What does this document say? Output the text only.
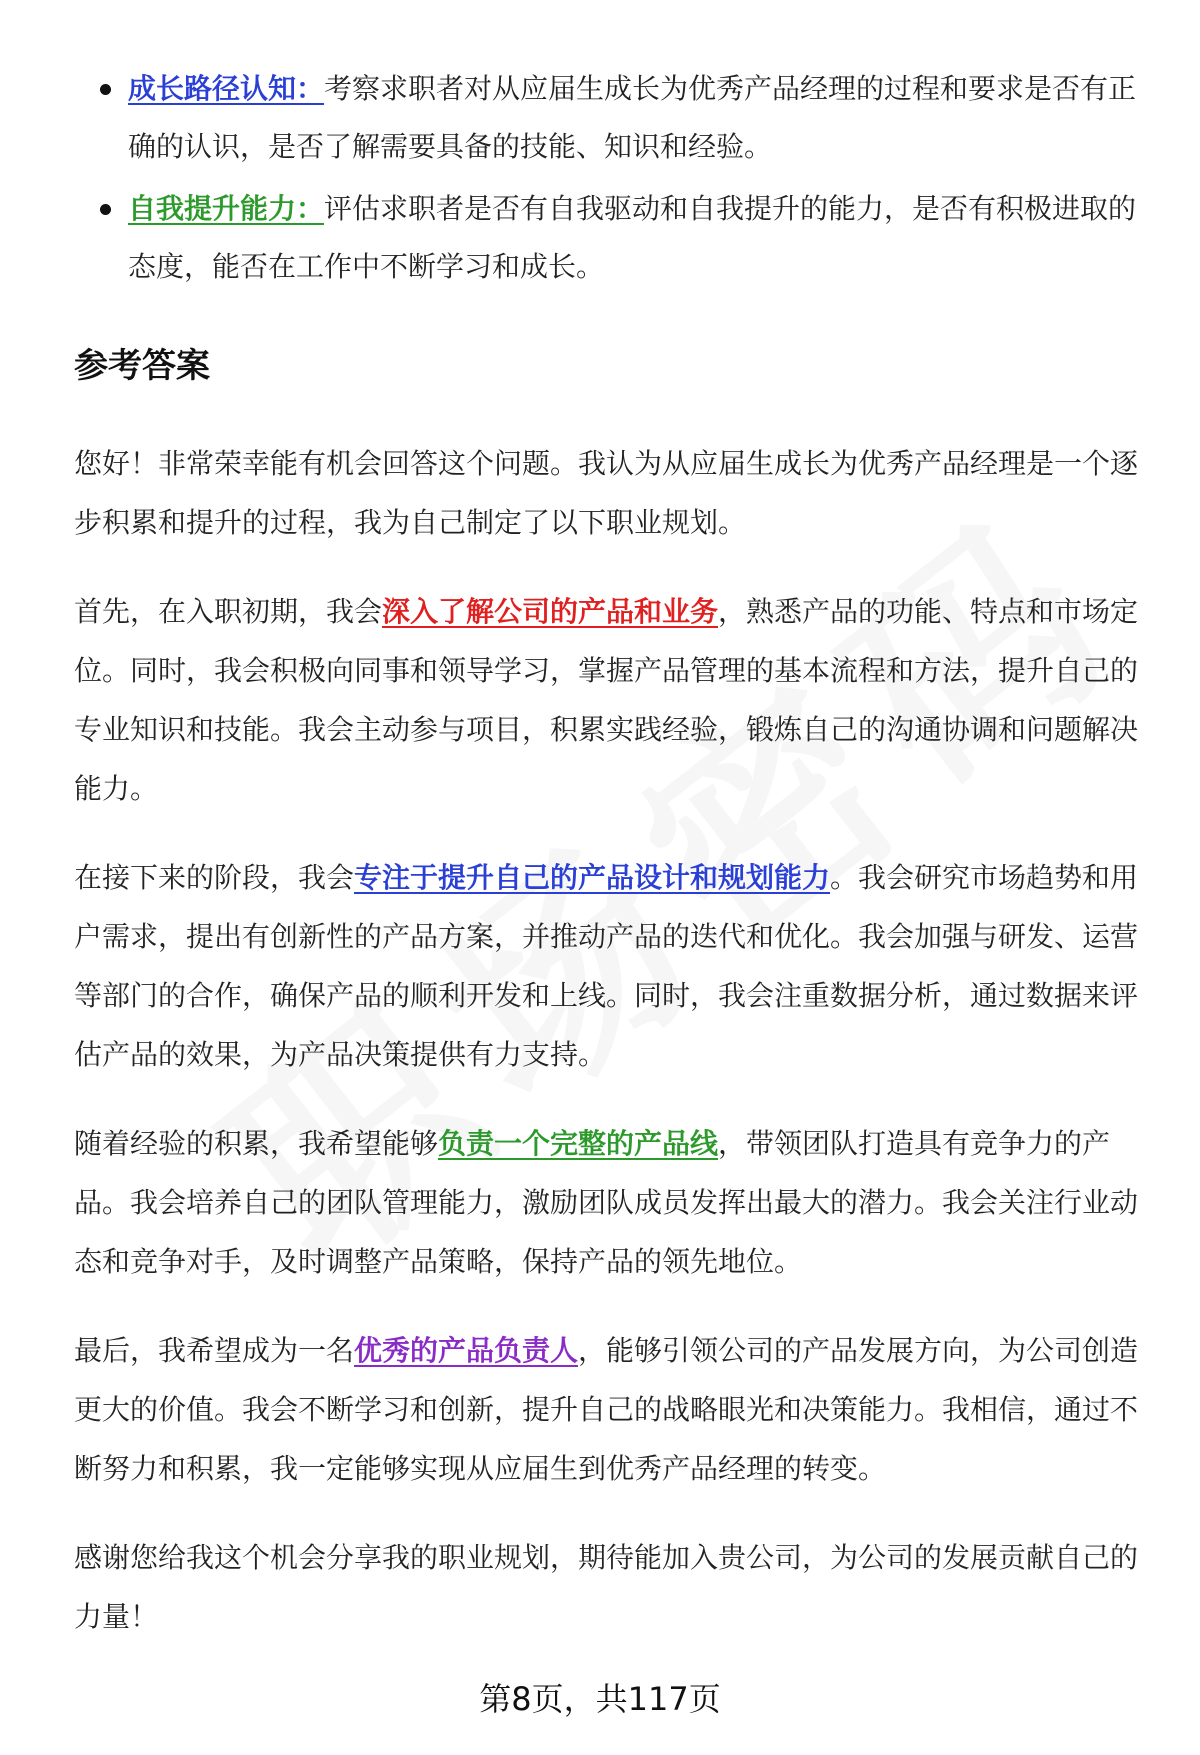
成长路径认知：考察求职者对从应届生成长为优秀产品经理的过程和要求是否有正确的认识，是否了解需要具备的技能、知识和经验。
自我提升能力：评估求职者是否有自我驱动和自我提升的能力，是否有积极进取的态度，能否在工作中不断学习和成长。
参考答案

您好！非常荣幸能有机会回答这个问题。我认为从应届生成长为优秀产品经理是一个逐步积累和提升的过程，我为自己制定了以下职业规划。

首先，在入职初期，我会深入了解公司的产品和业务，熟悉产品的功能、特点和市场定位。同时，我会积极向同事和领导学习，掌握产品管理的基本流程和方法，提升自己的专业知识和技能。我会主动参与项目，积累实践经验，锻炼自己的沟通协调和问题解决能力。

在接下来的阶段，我会专注于提升自己的产品设计和规划能力。我会研究市场趋势和用户需求，提出有创新性的产品方案，并推动产品的迭代和优化。我会加强与研发、运营等部门的合作，确保产品的顺利开发和上线。同时，我会注重数据分析，通过数据来评估产品的效果，为产品决策提供有力支持。

随着经验的积累，我希望能够负责一个完整的产品线，带领团队打造具有竞争力的产品。我会培养自己的团队管理能力，激励团队成员发挥出最大的潜力。我会关注行业动态和竞争对手，及时调整产品策略，保持产品的领先地位。

最后，我希望成为一名优秀的产品负责人，能够引领公司的产品发展方向，为公司创造更大的价值。我会不断学习和创新，提升自己的战略眼光和决策能力。我相信，通过不断努力和积累，我一定能够实现从应届生到优秀产品经理的转变。

感谢您给我这个机会分享我的职业规划，期待能加入贵公司，为公司的发展贡献自己的力量！

第8页，共117页
